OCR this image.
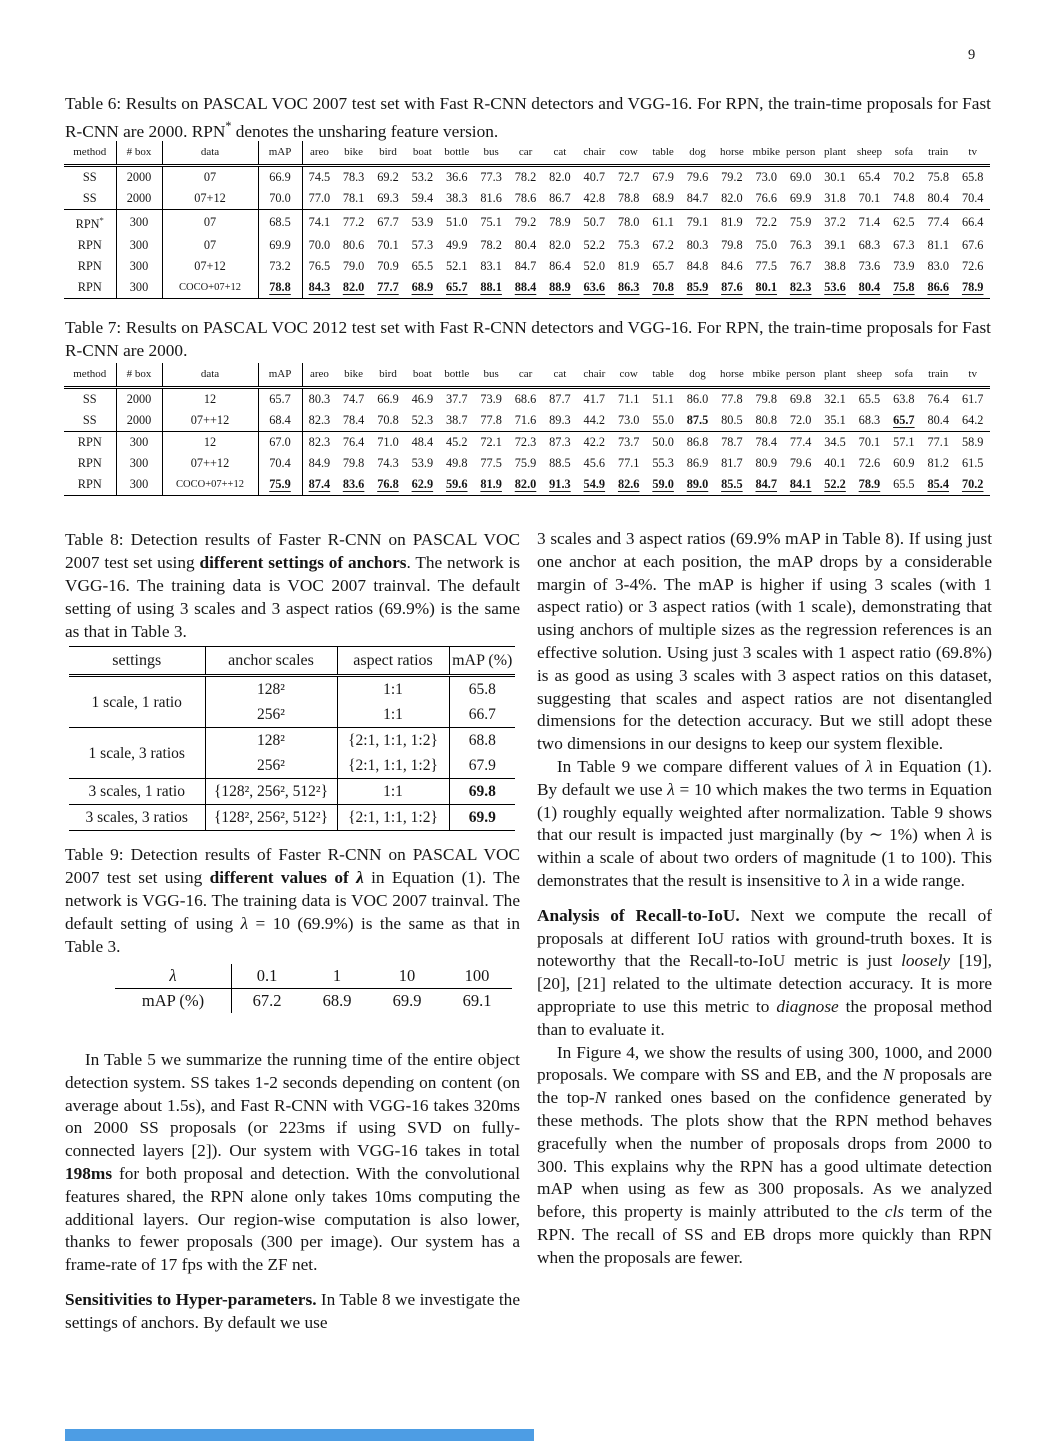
9
Table 6: Results on PASCAL VOC 2007 test set with Fast R-CNN detectors and VGG-16. For RPN, the train-time proposals for Fast R-CNN are 2000. RPN* denotes the unsharing feature version.
method	# box	data	mAP	areo	bike	bird	boat	bottle	bus	car	cat	chair	cow	table	dog	horse	mbike	person	plant	sheep	sofa	train	tv
SS	2000	07	66.9	74.5	78.3	69.2	53.2	36.6	77.3	78.2	82.0	40.7	72.7	67.9	79.6	79.2	73.0	69.0	30.1	65.4	70.2	75.8	65.8
SS	2000	07+12	70.0	77.0	78.1	69.3	59.4	38.3	81.6	78.6	86.7	42.8	78.8	68.9	84.7	82.0	76.6	69.9	31.8	70.1	74.8	80.4	70.4
RPN*	300	07	68.5	74.1	77.2	67.7	53.9	51.0	75.1	79.2	78.9	50.7	78.0	61.1	79.1	81.9	72.2	75.9	37.2	71.4	62.5	77.4	66.4
RPN	300	07	69.9	70.0	80.6	70.1	57.3	49.9	78.2	80.4	82.0	52.2	75.3	67.2	80.3	79.8	75.0	76.3	39.1	68.3	67.3	81.1	67.6
RPN	300	07+12	73.2	76.5	79.0	70.9	65.5	52.1	83.1	84.7	86.4	52.0	81.9	65.7	84.8	84.6	77.5	76.7	38.8	73.6	73.9	83.0	72.6
RPN	300	COCO+07+12	78.8	84.3	82.0	77.7	68.9	65.7	88.1	88.4	88.9	63.6	86.3	70.8	85.9	87.6	80.1	82.3	53.6	80.4	75.8	86.6	78.9
Table 7: Results on PASCAL VOC 2012 test set with Fast R-CNN detectors and VGG-16. For RPN, the train-time proposals for Fast R-CNN are 2000.
method	# box	data	mAP	areo	bike	bird	boat	bottle	bus	car	cat	chair	cow	table	dog	horse	mbike	person	plant	sheep	sofa	train	tv
SS	2000	12	65.7	80.3	74.7	66.9	46.9	37.7	73.9	68.6	87.7	41.7	71.1	51.1	86.0	77.8	79.8	69.8	32.1	65.5	63.8	76.4	61.7
SS	2000	07++12	68.4	82.3	78.4	70.8	52.3	38.7	77.8	71.6	89.3	44.2	73.0	55.0	87.5	80.5	80.8	72.0	35.1	68.3	65.7	80.4	64.2
RPN	300	12	67.0	82.3	76.4	71.0	48.4	45.2	72.1	72.3	87.3	42.2	73.7	50.0	86.8	78.7	78.4	77.4	34.5	70.1	57.1	77.1	58.9
RPN	300	07++12	70.4	84.9	79.8	74.3	53.9	49.8	77.5	75.9	88.5	45.6	77.1	55.3	86.9	81.7	80.9	79.6	40.1	72.6	60.9	81.2	61.5
RPN	300	COCO+07++12	75.9	87.4	83.6	76.8	62.9	59.6	81.9	82.0	91.3	54.9	82.6	59.0	89.0	85.5	84.7	84.1	52.2	78.9	65.5	85.4	70.2
Table 8: Detection results of Faster R-CNN on PASCAL VOC 2007 test set using different settings of anchors. The network is VGG-16. The training data is VOC 2007 trainval. The default setting of using 3 scales and 3 aspect ratios (69.9%) is the same as that in Table 3.
settings	anchor scales	aspect ratios	mAP (%)
1 scale, 1 ratio	128²	1:1	65.8
	256²	1:1	66.7
1 scale, 3 ratios	128²	{2:1, 1:1, 1:2}	68.8
	256²	{2:1, 1:1, 1:2}	67.9
3 scales, 1 ratio	{128², 256², 512²}	1:1	69.8
3 scales, 3 ratios	{128², 256², 512²}	{2:1, 1:1, 1:2}	69.9
Table 9: Detection results of Faster R-CNN on PASCAL VOC 2007 test set using different values of λ in Equation (1). The network is VGG-16. The training data is VOC 2007 trainval. The default setting of using λ = 10 (69.9%) is the same as that in Table 3.
λ	0.1	1	10	100
mAP (%)	67.2	68.9	69.9	69.1

In Table 5 we summarize the running time of the entire object detection system. SS takes 1-2 seconds depending on content (on average about 1.5s), and Fast R-CNN with VGG-16 takes 320ms on 2000 SS proposals (or 223ms if using SVD on fully-connected layers [2]). Our system with VGG-16 takes in total 198ms for both proposal and detection. With the convolutional features shared, the RPN alone only takes 10ms computing the additional layers. Our region-wise computation is also lower, thanks to fewer proposals (300 per image). Our system has a frame-rate of 17 fps with the ZF net.

Sensitivities to Hyper-parameters. In Table 8 we investigate the settings of anchors. By default we use

3 scales and 3 aspect ratios (69.9% mAP in Table 8). If using just one anchor at each position, the mAP drops by a considerable margin of 3-4%. The mAP is higher if using 3 scales (with 1 aspect ratio) or 3 aspect ratios (with 1 scale), demonstrating that using anchors of multiple sizes as the regression references is an effective solution. Using just 3 scales with 1 aspect ratio (69.8%) is as good as using 3 scales with 3 aspect ratios on this dataset, suggesting that scales and aspect ratios are not disentangled dimensions for the detection accuracy. But we still adopt these two dimensions in our designs to keep our system flexible.

In Table 9 we compare different values of λ in Equation (1). By default we use λ = 10 which makes the two terms in Equation (1) roughly equally weighted after normalization. Table 9 shows that our result is impacted just marginally (by ∼ 1%) when λ is within a scale of about two orders of magnitude (1 to 100). This demonstrates that the result is insensitive to λ in a wide range.

Analysis of Recall-to-IoU. Next we compute the recall of proposals at different IoU ratios with ground-truth boxes. It is noteworthy that the Recall-to-IoU metric is just loosely [19], [20], [21] related to the ultimate detection accuracy. It is more appropriate to use this metric to diagnose the proposal method than to evaluate it.

In Figure 4, we show the results of using 300, 1000, and 2000 proposals. We compare with SS and EB, and the N proposals are the top-N ranked ones based on the confidence generated by these methods. The plots show that the RPN method behaves gracefully when the number of proposals drops from 2000 to 300. This explains why the RPN has a good ultimate detection mAP when using as few as 300 proposals. As we analyzed before, this property is mainly attributed to the cls term of the RPN. The recall of SS and EB drops more quickly than RPN when the proposals are fewer.
